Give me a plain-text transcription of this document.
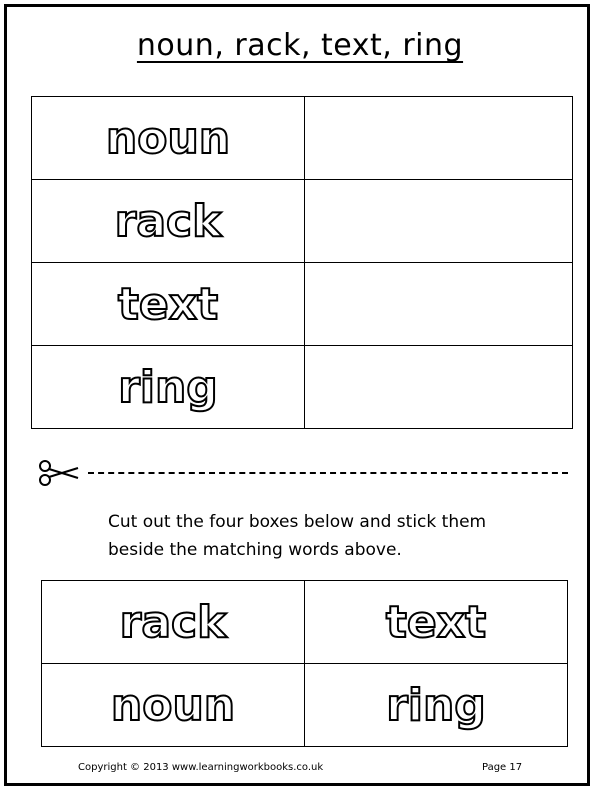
noun, rack, text, ring
noun	
rack	
text	
ring	
Cut out the four boxes below and stick them
beside the matching words above.
rack	text
noun	ring
Copyright © 2013 www.learningworkbooks.co.uk	Page 17
